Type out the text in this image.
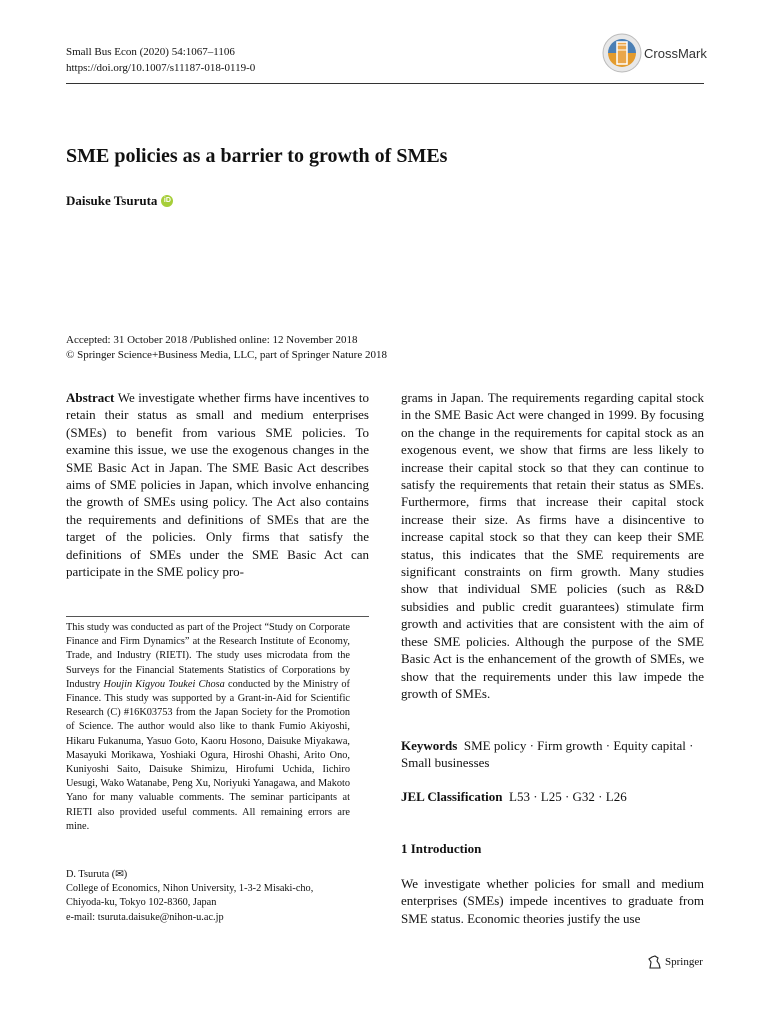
Small Bus Econ (2020) 54:1067–1106
https://doi.org/10.1007/s11187-018-0119-0
CrossMark
SME policies as a barrier to growth of SMEs
Daisuke Tsuruta iD
Accepted: 31 October 2018 /Published online: 12 November 2018
© Springer Science+Business Media, LLC, part of Springer Nature 2018
Abstract We investigate whether firms have incentives to retain their status as small and medium enterprises (SMEs) to benefit from various SME policies. To examine this issue, we use the exogenous changes in the SME Basic Act in Japan. The SME Basic Act describes aims of SME policies in Japan, which involve enhancing the growth of SMEs using policy. The Act also contains the requirements and definitions of SMEs that are the target of the policies. Only firms that satisfy the definitions of SMEs under the SME Basic Act can participate in the SME policy pro-
grams in Japan. The requirements regarding capital stock in the SME Basic Act were changed in 1999. By focusing on the change in the requirements for capital stock as an exogenous event, we show that firms are less likely to increase their capital stock so that they can continue to satisfy the requirements that retain their status as SMEs. Furthermore, firms that increase their capital stock increase their size. As firms have a disincentive to increase capital stock so that they can keep their SME status, this indicates that the SME requirements are significant constraints on firm growth. Many studies show that individual SME policies (such as R&D subsidies and public credit guarantees) stimulate firm growth and activities that are consistent with the aim of these SME policies. Although the purpose of the SME Basic Act is the enhancement of the growth of SMEs, we show that the requirements under this law impede the growth of SMEs.
This study was conducted as part of the Project “Study on Corporate Finance and Firm Dynamics” at the Research Institute of Economy, Trade, and Industry (RIETI). The study uses microdata from the Surveys for the Financial Statements Statistics of Corporations by Industry Houjin Kigyou Toukei Chosa conducted by the Ministry of Finance. This study was supported by a Grant-in-Aid for Scientific Research (C) #16K03753 from the Japan Society for the Promotion of Science. The author would also like to thank Fumio Akiyoshi, Hikaru Fukanuma, Yasuo Goto, Kaoru Hosono, Daisuke Miyakawa, Masayuki Morikawa, Yoshiaki Ogura, Hiroshi Ohashi, Arito Ono, Kuniyoshi Saito, Daisuke Shimizu, Hirofumi Uchida, Iichiro Uesugi, Wako Watanabe, Peng Xu, Noriyuki Yanagawa, and Makoto Yano for many valuable comments. The seminar participants at RIETI also provided useful comments. All remaining errors are mine.
D. Tsuruta (✉)
College of Economics, Nihon University, 1-3-2 Misaki-cho,
Chiyoda-ku, Tokyo 102-8360, Japan
e-mail: tsuruta.daisuke@nihon-u.ac.jp
Keywords SME policy · Firm growth · Equity capital · Small businesses
JEL Classification L53 · L25 · G32 · L26
1 Introduction
We investigate whether policies for small and medium enterprises (SMEs) impede incentives to graduate from SME status. Economic theories justify the use
Springer
